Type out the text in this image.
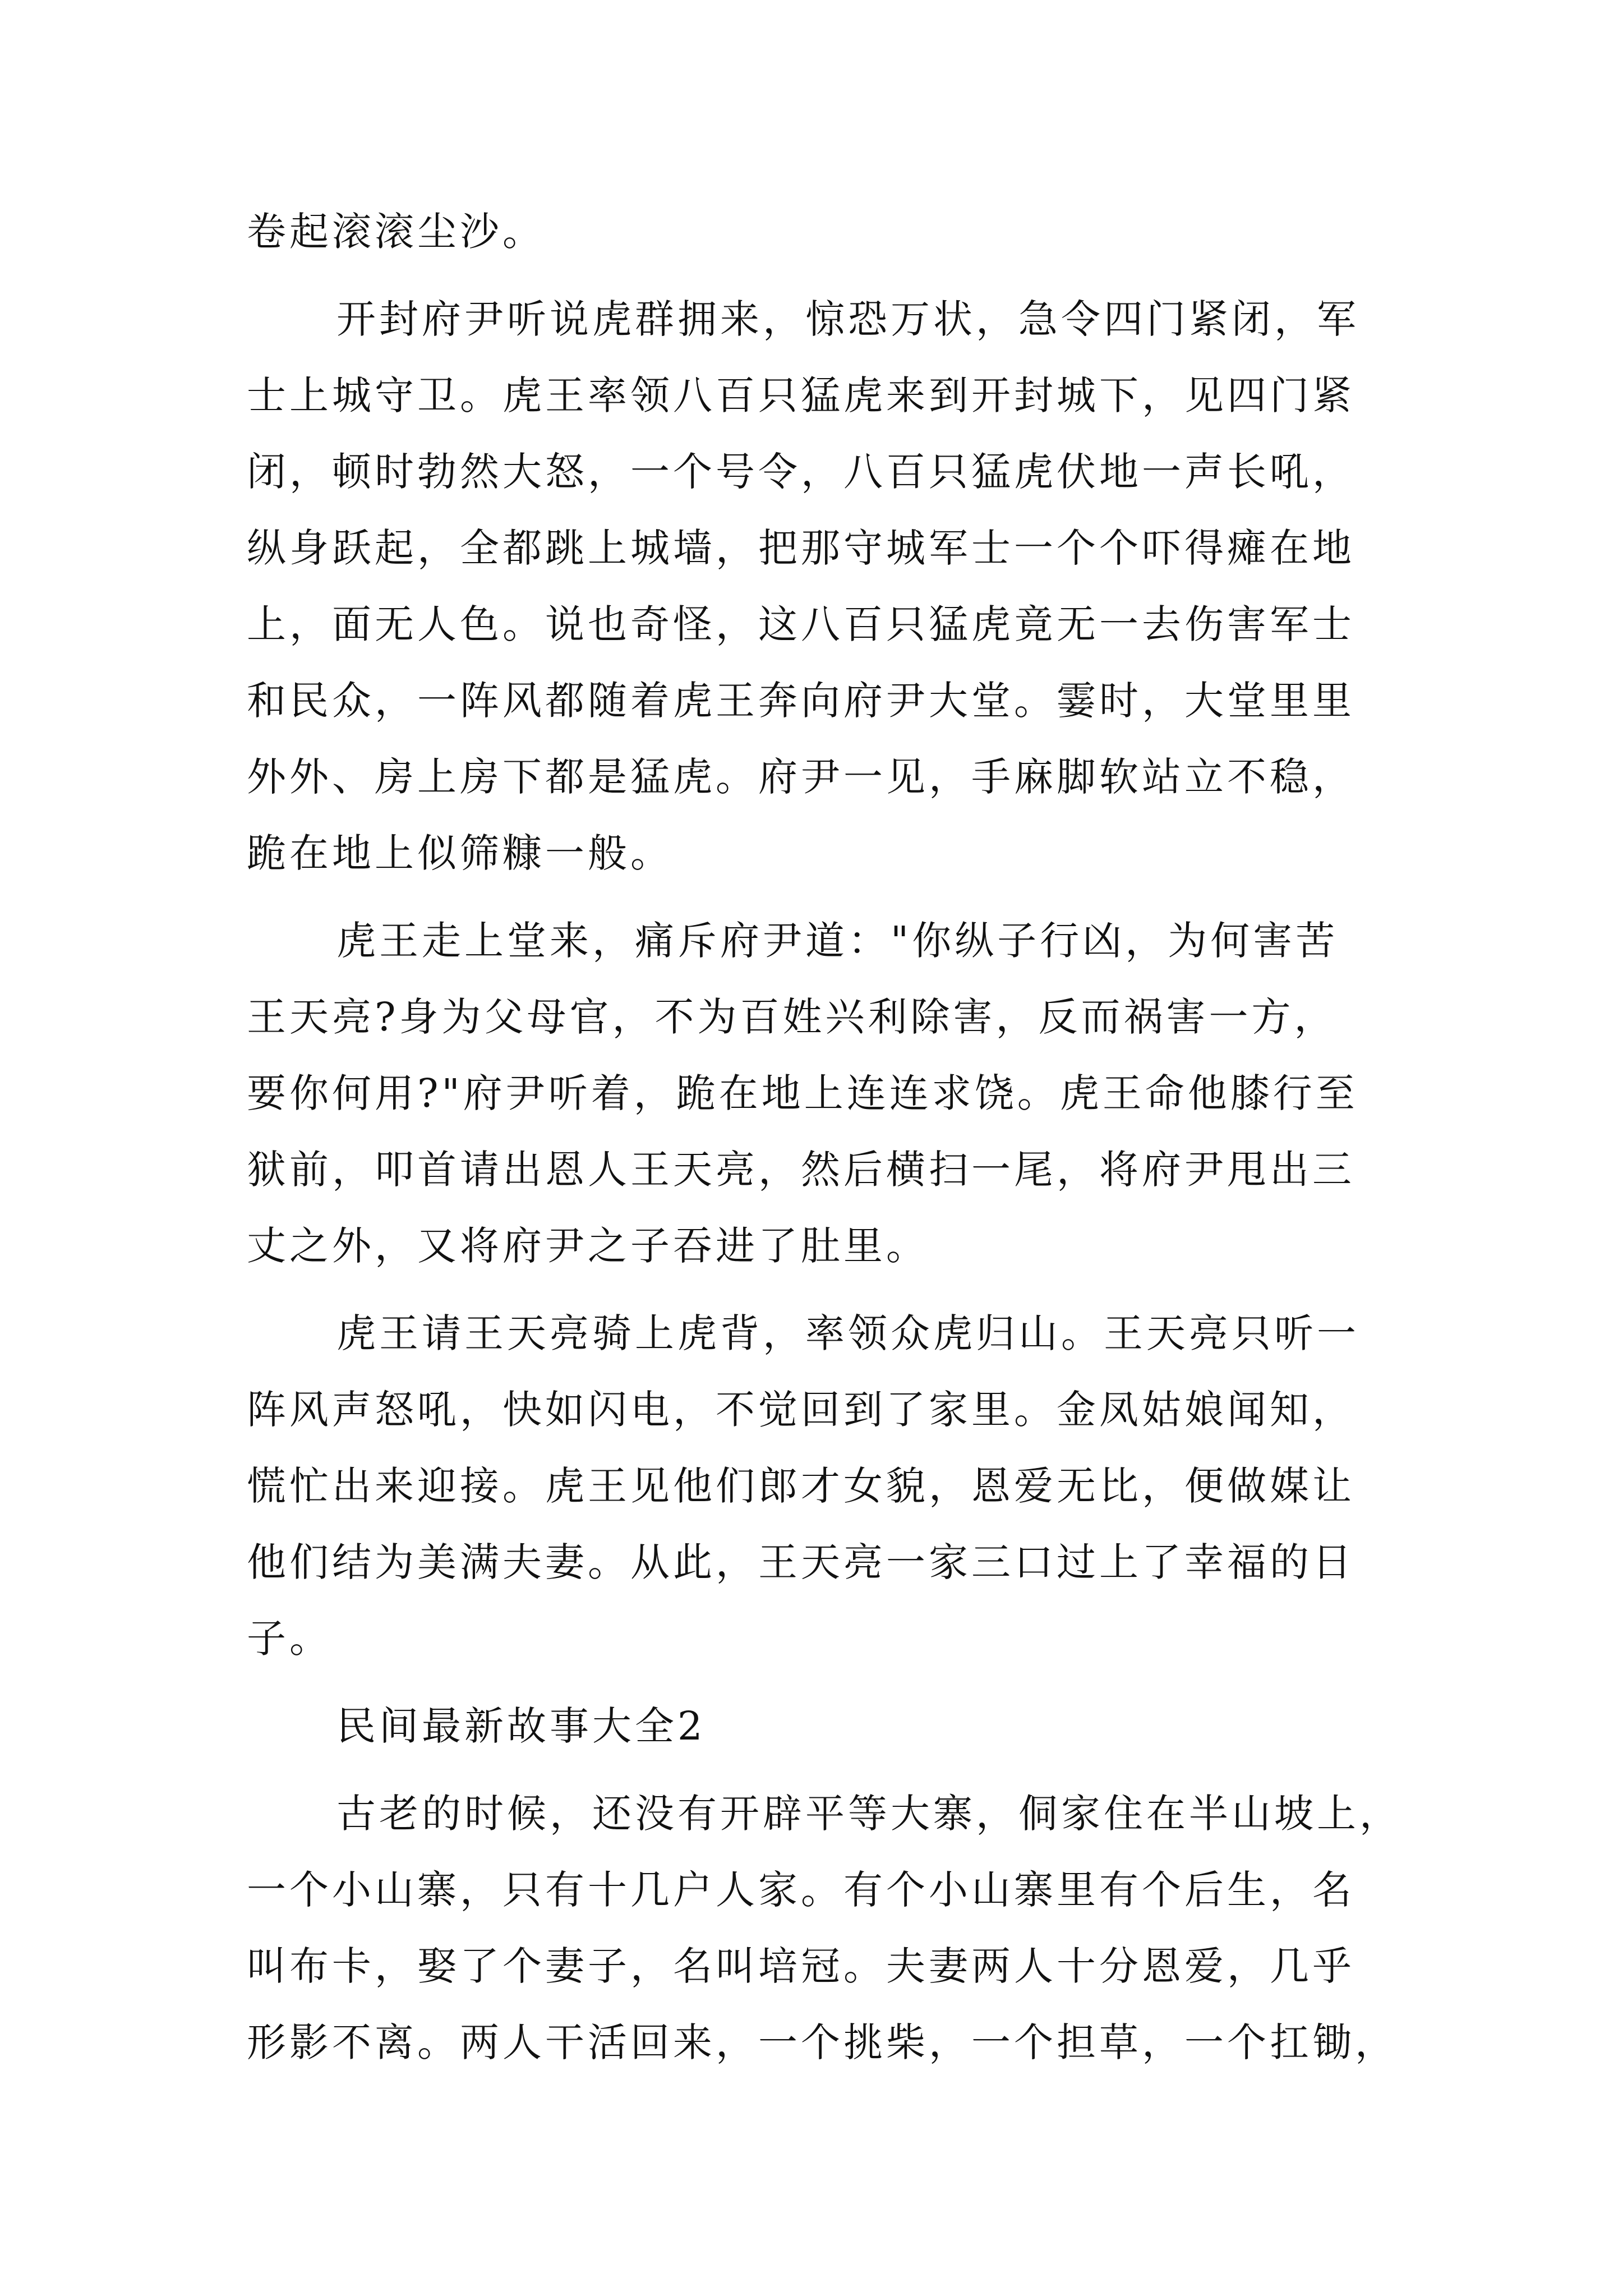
卷起滚滚尘沙。

开封府尹听说虎群拥来，惊恐万状，急令四门紧闭，军

士上城守卫。虎王率领八百只猛虎来到开封城下，见四门紧

闭，顿时勃然大怒，一个号令，八百只猛虎伏地一声长吼，

纵身跃起，全都跳上城墙，把那守城军士一个个吓得瘫在地

上，面无人色。说也奇怪，这八百只猛虎竟无一去伤害军士

和民众，一阵风都随着虎王奔向府尹大堂。霎时，大堂里里

外外、房上房下都是猛虎。府尹一见，手麻脚软站立不稳，

跪在地上似筛糠一般。

虎王走上堂来，痛斥府尹道："你纵子行凶，为何害苦

王天亮?身为父母官，不为百姓兴利除害，反而祸害一方，

要你何用?"府尹听着，跪在地上连连求饶。虎王命他膝行至

狱前，叩首请出恩人王天亮，然后横扫一尾，将府尹甩出三

丈之外，又将府尹之子吞进了肚里。

虎王请王天亮骑上虎背，率领众虎归山。王天亮只听一

阵风声怒吼，快如闪电，不觉回到了家里。金凤姑娘闻知，

慌忙出来迎接。虎王见他们郎才女貌，恩爱无比，便做媒让

他们结为美满夫妻。从此，王天亮一家三口过上了幸福的日

子。

民间最新故事大全2

古老的时候，还没有开辟平等大寨，侗家住在半山坡上，

一个小山寨，只有十几户人家。有个小山寨里有个后生，名

叫布卡，娶了个妻子，名叫培冠。夫妻两人十分恩爱，几乎

形影不离。两人干活回来，一个挑柴，一个担草，一个扛锄，
